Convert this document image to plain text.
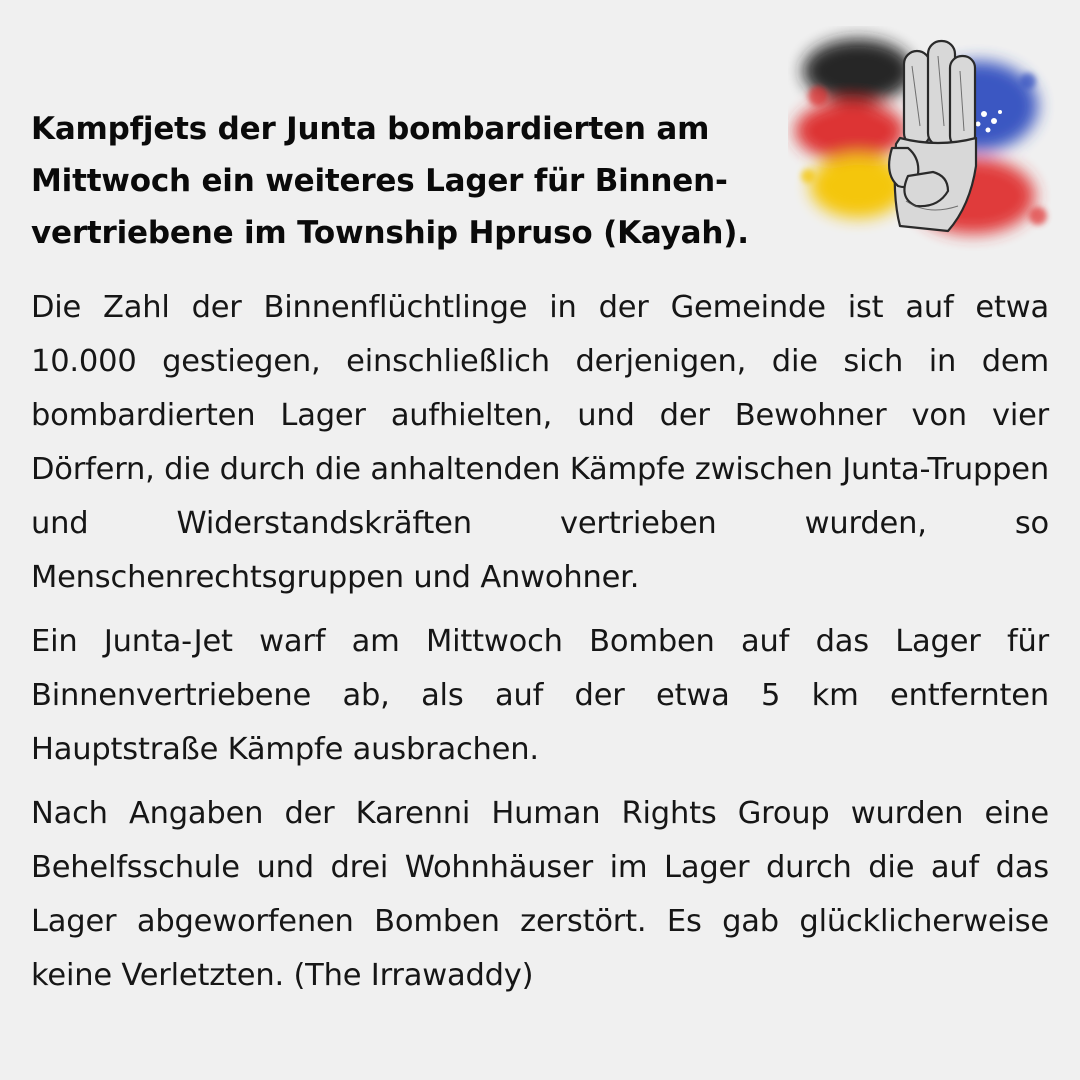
Kampfjets der Junta bombardierten am Mittwoch ein weiteres Lager für Binnen-vertriebene im Township Hpruso (Kayah).

Die Zahl der Binnenflüchtlinge in der Gemeinde ist auf etwa 10.000 gestiegen, einschließlich derjenigen, die sich in dem bombardierten Lager aufhielten, und der Bewohner von vier Dörfern, die durch die anhaltenden Kämpfe zwischen Junta-Truppen und Widerstandskräften vertrieben wurden, so Menschenrechtsgruppen und Anwohner.

Ein Junta-Jet warf am Mittwoch Bomben auf das Lager für Binnenvertriebene ab, als auf der etwa 5 km entfernten Hauptstraße Kämpfe ausbrachen.

Nach Angaben der Karenni Human Rights Group wurden eine Behelfsschule und drei Wohnhäuser im Lager durch die auf das Lager abgeworfenen Bomben zerstört. Es gab glücklicherweise keine Verletzten. (The Irrawaddy)
